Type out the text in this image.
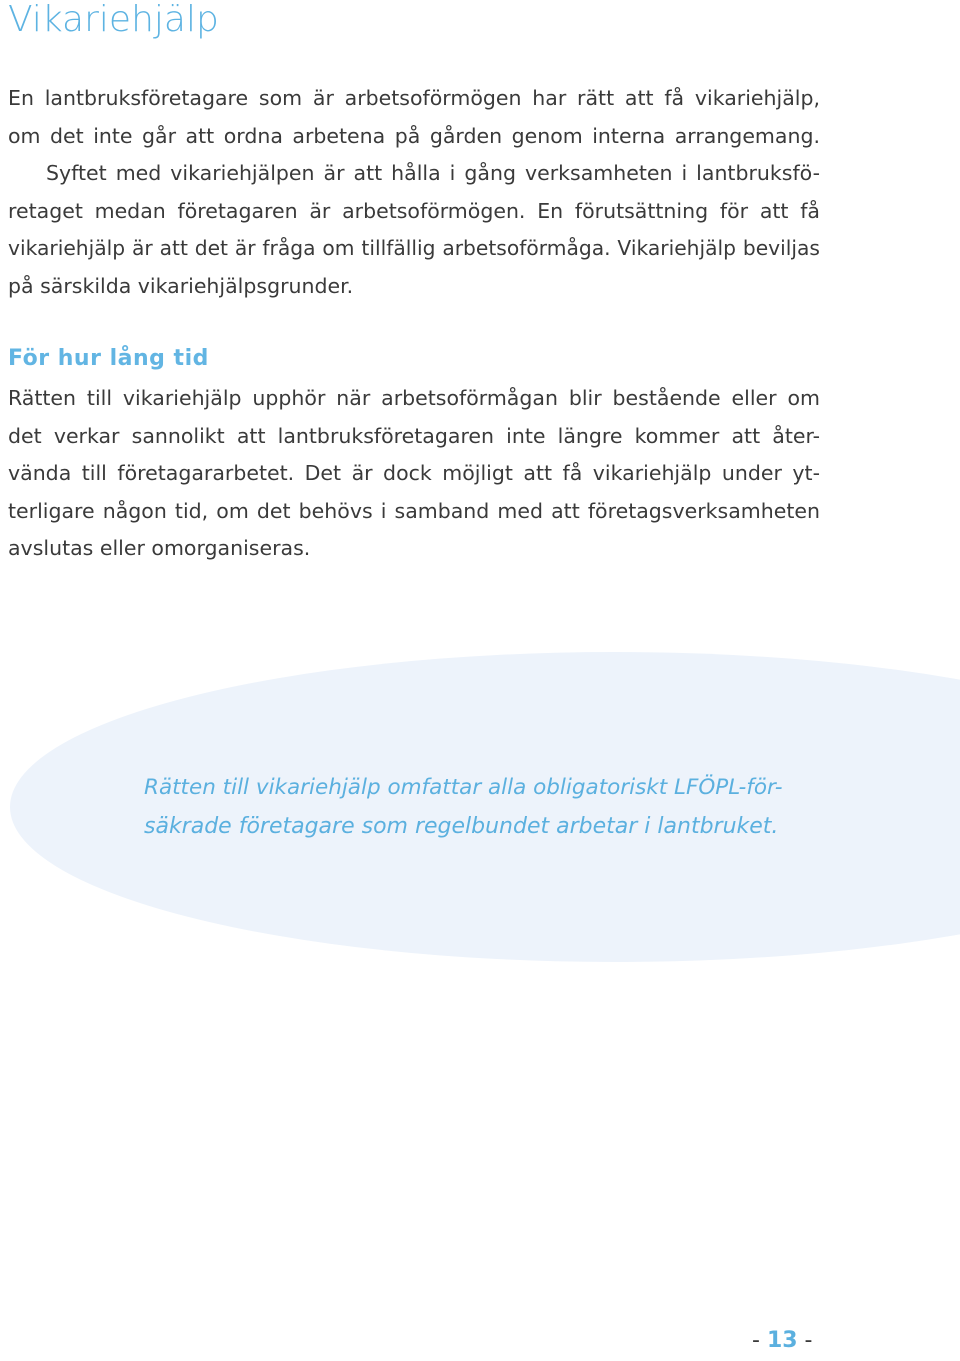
Vikariehjälp
En lantbruksföretagare som är arbetsoförmögen har rätt att få vikariehjälp,
om det inte går att ordna arbetena på gården genom interna arrangemang.
Syftet med vikariehjälpen är att hålla i gång verksamheten i lantbruksfö-
retaget medan företagaren är arbetsoförmögen. En förutsättning för att få
vikariehjälp är att det är fråga om tillfällig arbetsoförmåga. Vikariehjälp beviljas
på särskilda vikariehjälpsgrunder.
För hur lång tid
Rätten till vikariehjälp upphör när arbetsoförmågan blir bestående eller om
det verkar sannolikt att lantbruksföretagaren inte längre kommer att åter-
vända till företagararbetet. Det är dock möjligt att få vikariehjälp under yt-
terligare någon tid, om det behövs i samband med att företagsverksamheten
avslutas eller omorganiseras.
Rätten till vikariehjälp omfattar alla obligatoriskt LFÖPL-för-
säkrade företagare som regelbundet arbetar i lantbruket.
- 13 -
